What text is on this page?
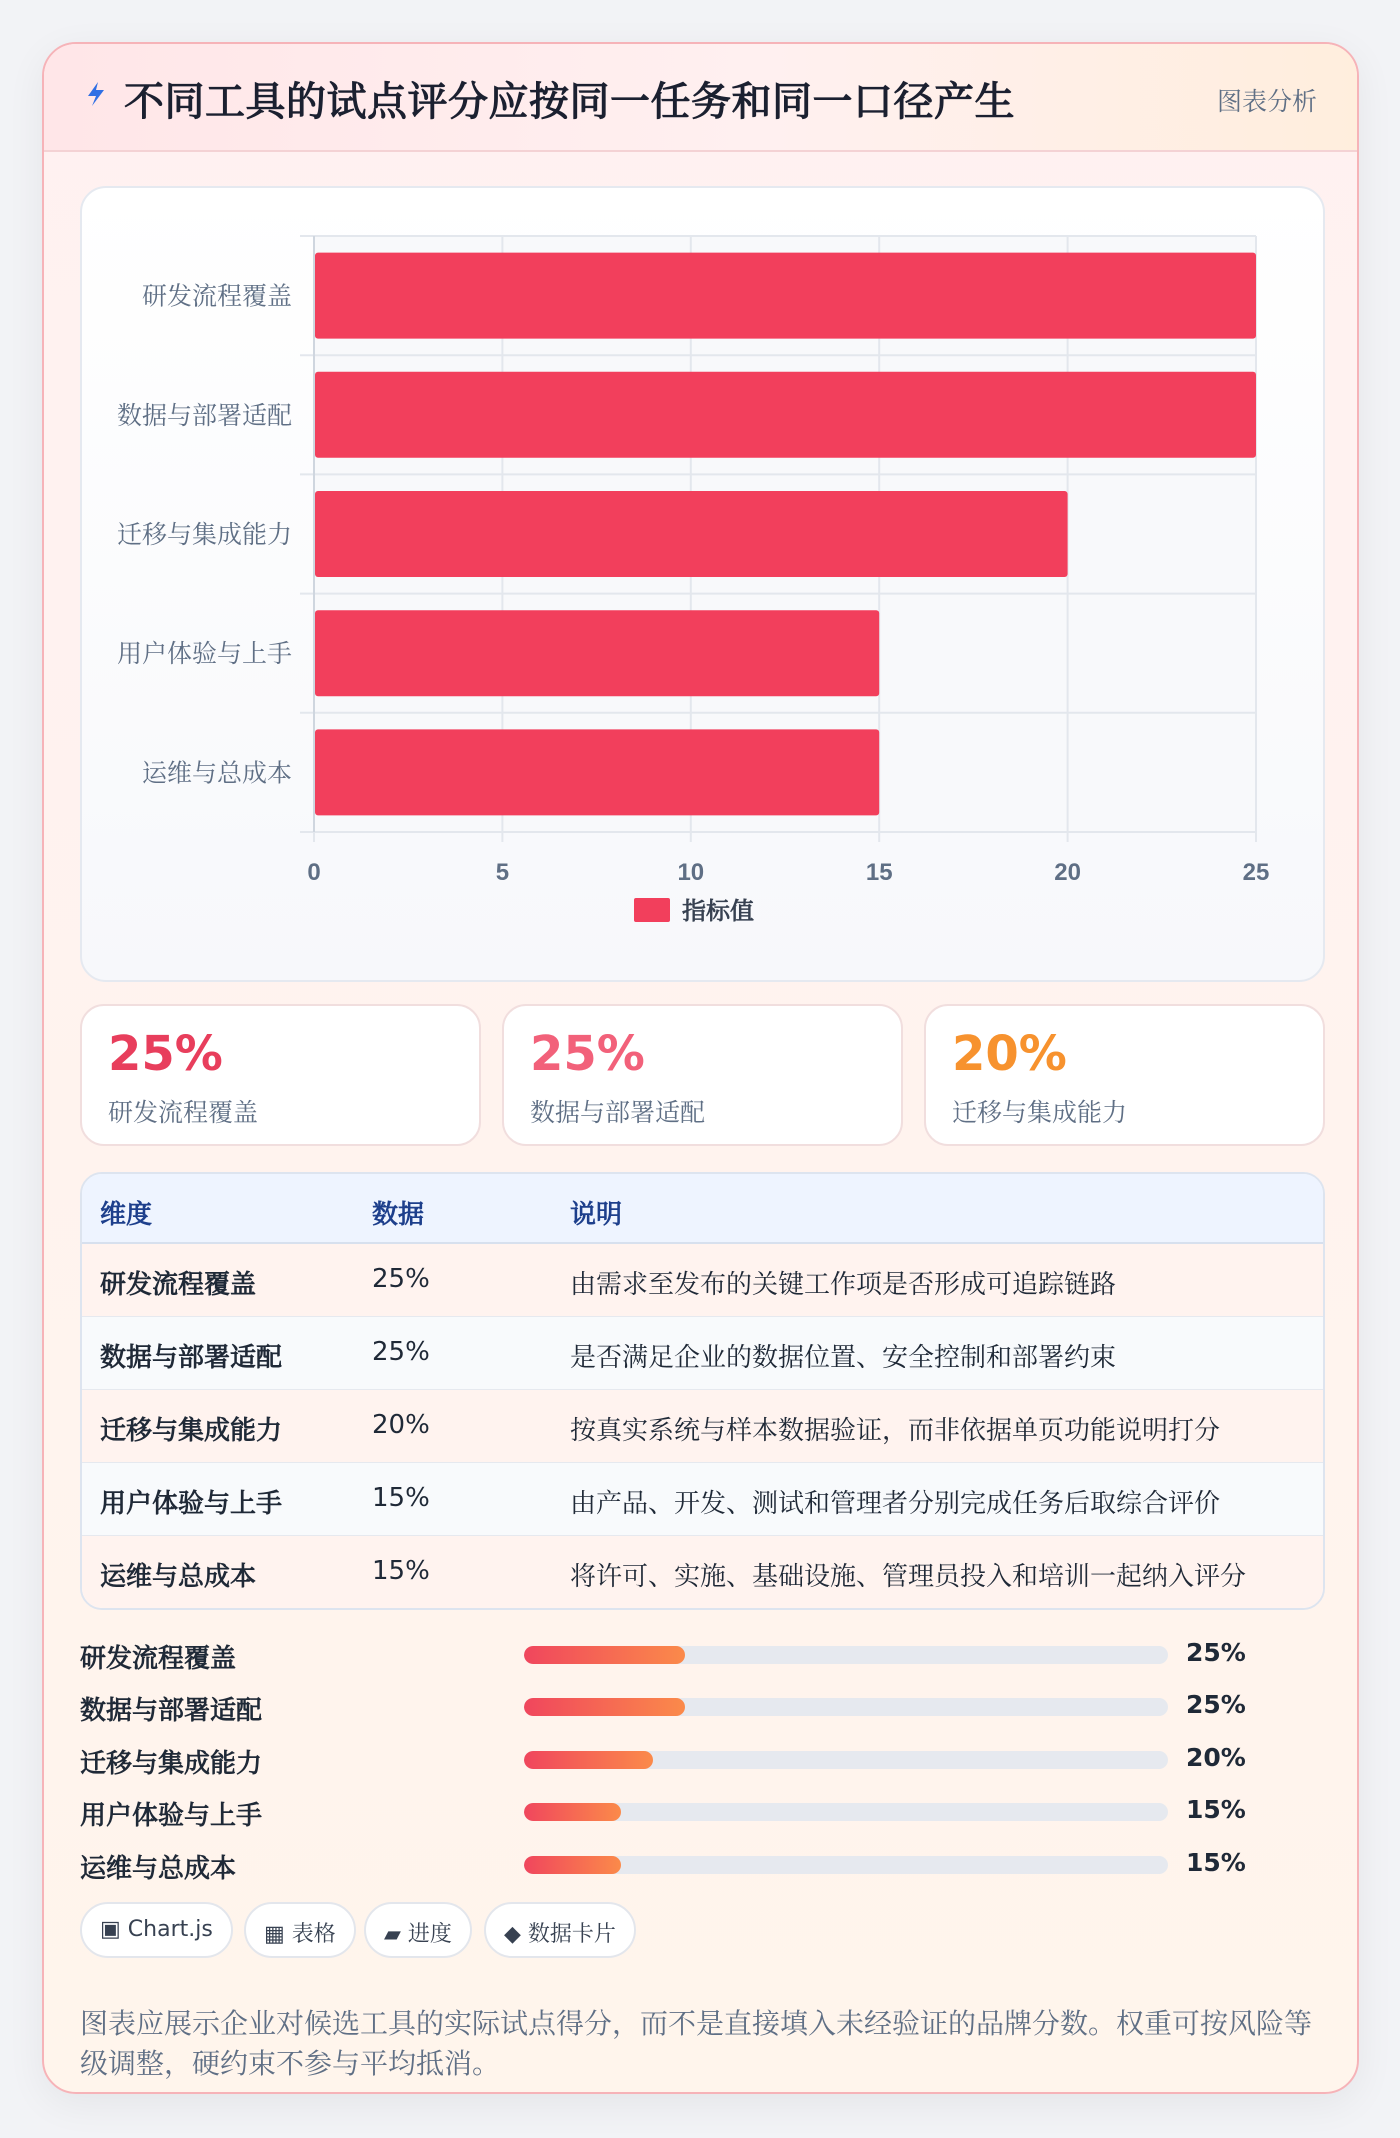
不同工具的试点评分应按同一任务和同一口径产生	图表分析
0	5	10	15	20	25
研发流程覆盖
数据与部署适配
迁移与集成能力
用户体验与上手
运维与总成本
指标值
25%
研发流程覆盖
25%
数据与部署适配
20%
迁移与集成能力
维度	数据	说明
研发流程覆盖	25%	由需求至发布的关键工作项是否形成可追踪链路
数据与部署适配	25%	是否满足企业的数据位置、安全控制和部署约束
迁移与集成能力	20%	按真实系统与样本数据验证，而非依据单页功能说明打分
用户体验与上手	15%	由产品、开发、测试和管理者分别完成任务后取综合评价
运维与总成本	15%	将许可、实施、基础设施、管理员投入和培训一起纳入评分
研发流程覆盖	25%
数据与部署适配	25%
迁移与集成能力	20%
用户体验与上手	15%
运维与总成本	15%
▣ Chart.js	▦ 表格	▰ 进度	◆ 数据卡片
图表应展示企业对候选工具的实际试点得分，而不是直接填入未经验证的品牌分数。权重可按风险等级调整，硬约束不参与平均抵消。
